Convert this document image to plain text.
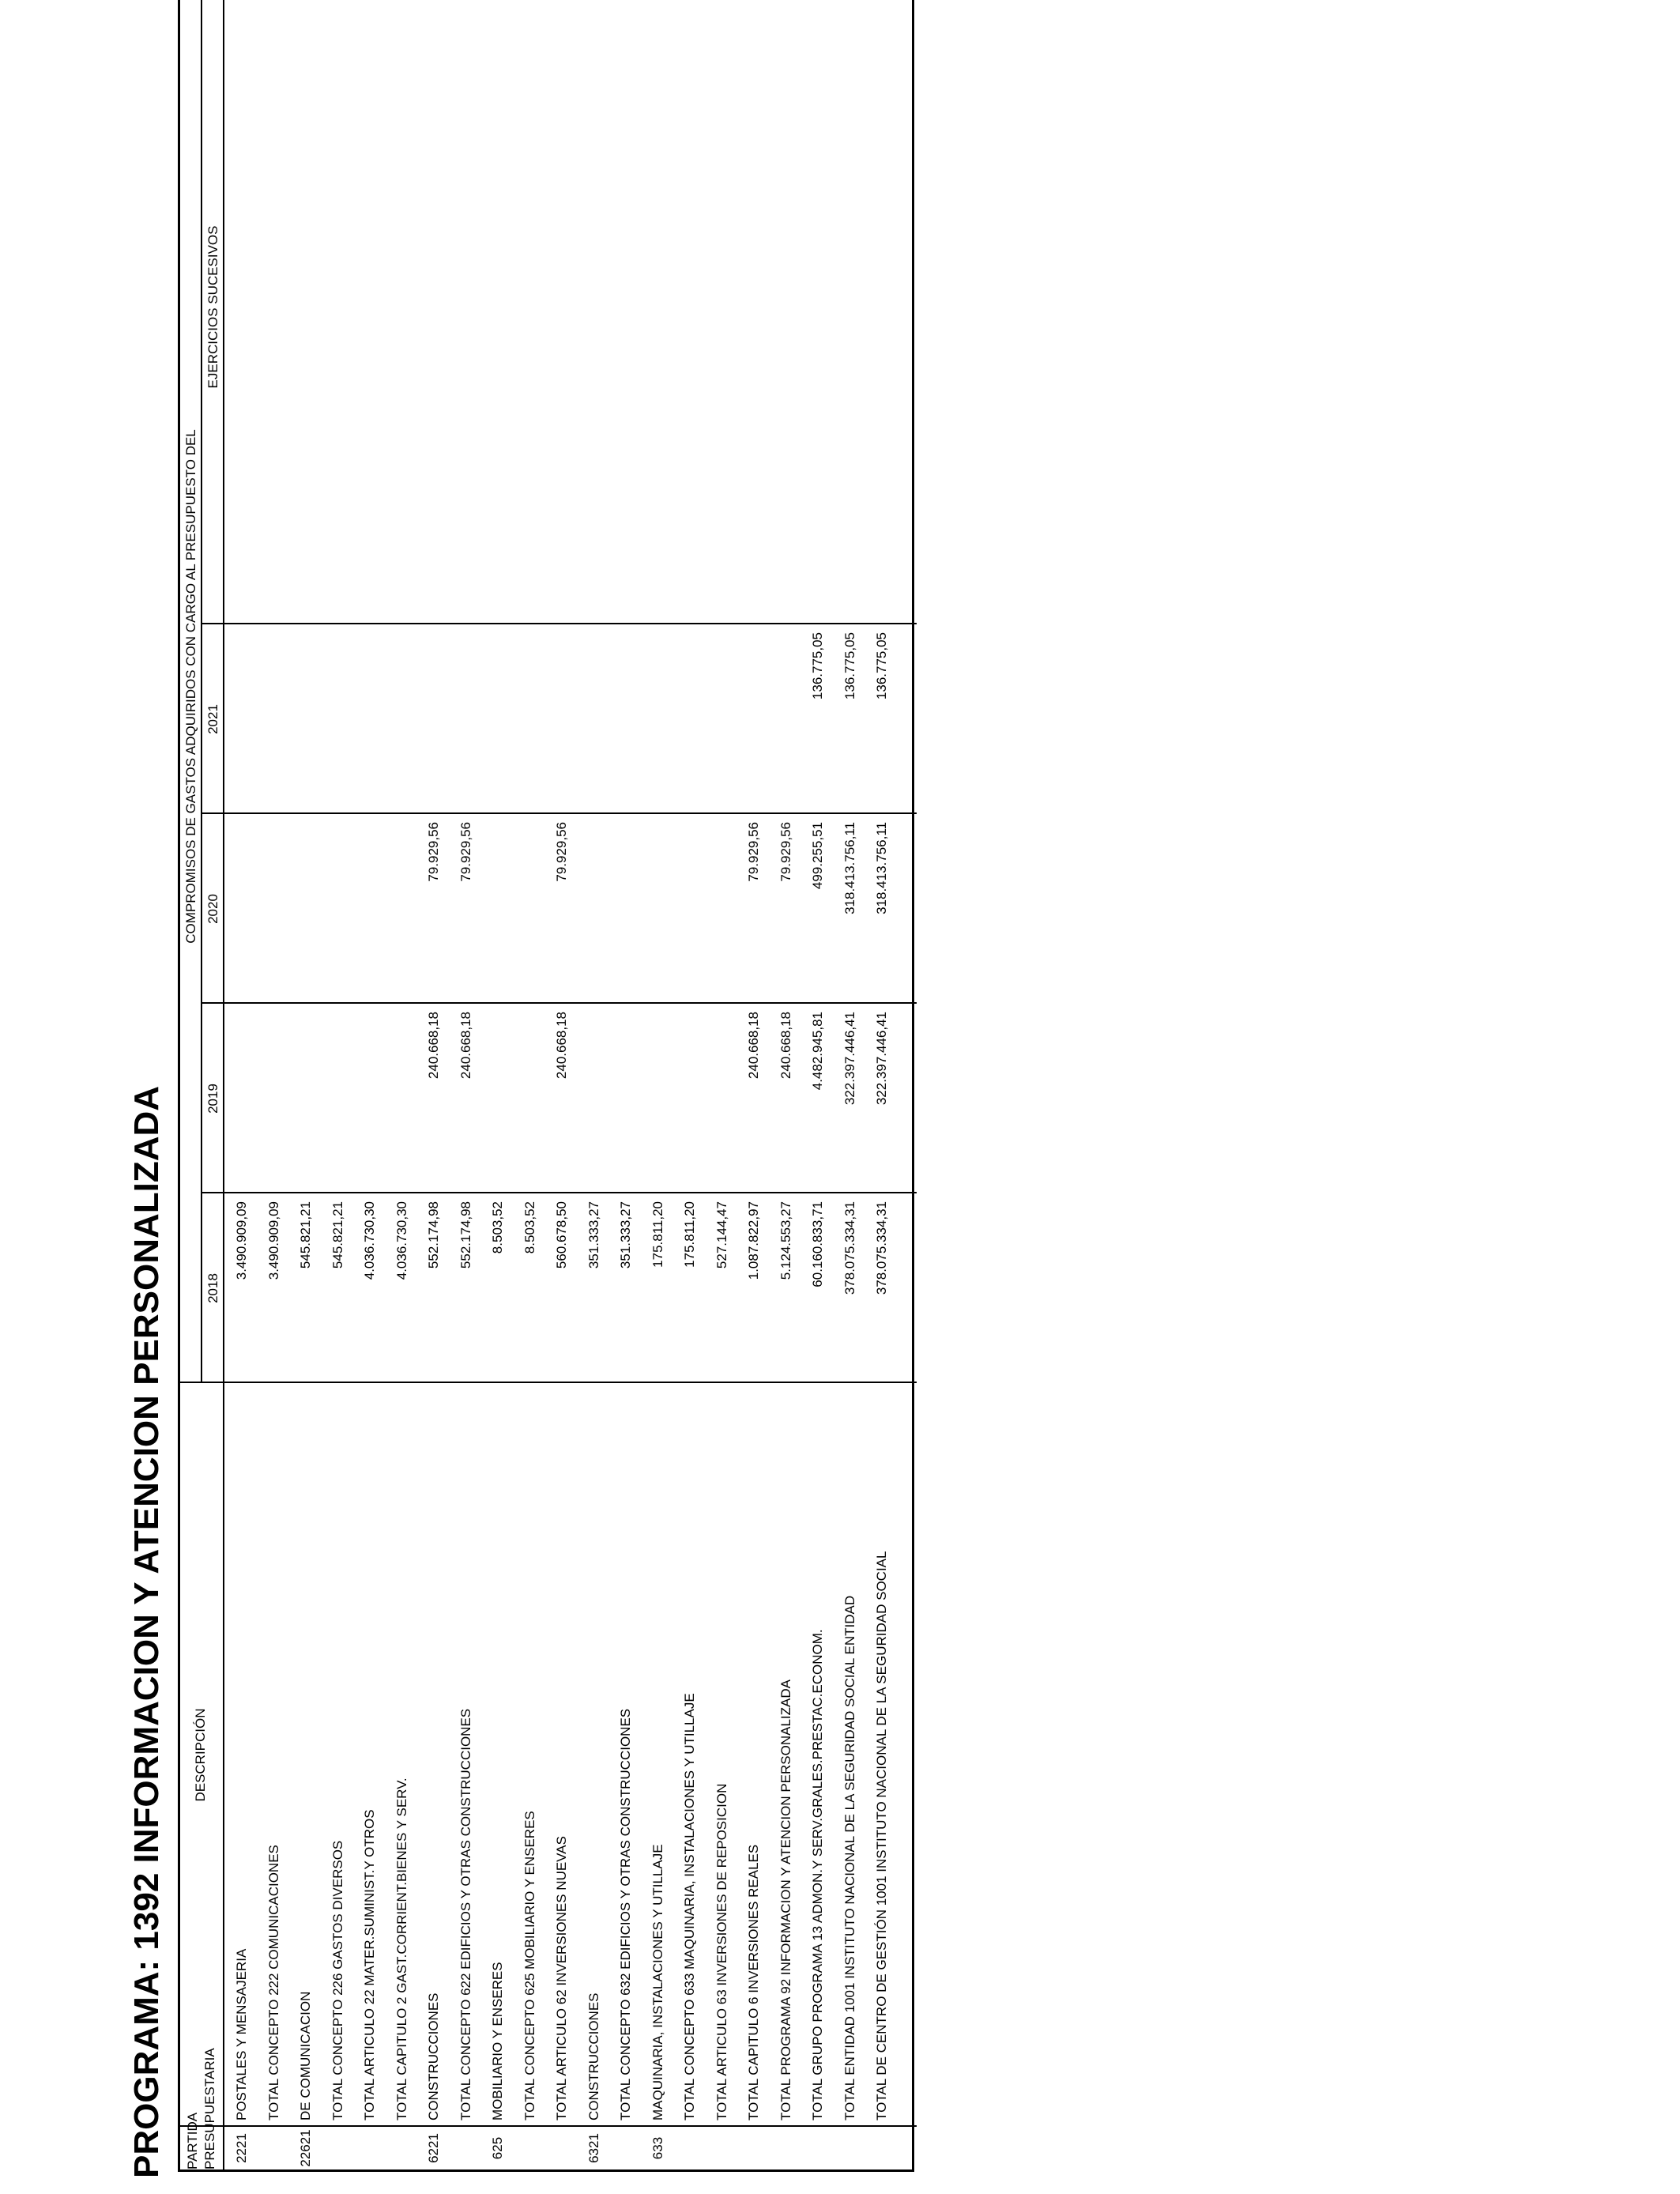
PROGRAMA: 1392 INFORMACION Y ATENCION PERSONALIZADA PARTIDA PRESUPUESTARIA
DESCRIPCIÓN
COMPROMISOS DE GASTOS ADQUIRIDOS CON CARGO AL PRESUPUESTO DEL
2018
2019
2020
2021
EJERCICIOS SUCESIVOS
2221
POSTALES Y MENSAJERIA
3.490.909,09
TOTAL CONCEPTO 222 COMUNICACIONES
3.490.909,09
22621
DE COMUNICACION
545.821,21
TOTAL CONCEPTO 226 GASTOS DIVERSOS
545.821,21
TOTAL ARTICULO 22 MATER.SUMINIST.Y OTROS
4.036.730,30
TOTAL CAPITULO 2 GAST.CORRIENT.BIENES Y SERV.
4.036.730,30
6221
CONSTRUCCIONES
552.174,98
240.668,18
79.929,56
TOTAL CONCEPTO 622 EDIFICIOS Y OTRAS CONSTRUCCIONES
552.174,98
240.668,18
79.929,56
625
MOBILIARIO Y ENSERES
8.503,52
TOTAL CONCEPTO 625 MOBILIARIO Y ENSERES
8.503,52
TOTAL ARTICULO 62 INVERSIONES NUEVAS
560.678,50
240.668,18
79.929,56
6321
CONSTRUCCIONES
351.333,27
TOTAL CONCEPTO 632 EDIFICIOS Y OTRAS CONSTRUCCIONES
351.333,27
633
MAQUINARIA, INSTALACIONES Y UTILLAJE
175.811,20
TOTAL CONCEPTO 633 MAQUINARIA, INSTALACIONES Y UTILLAJE
175.811,20
TOTAL ARTICULO 63 INVERSIONES DE REPOSICION
527.144,47
TOTAL CAPITULO 6 INVERSIONES REALES
1.087.822,97
240.668,18
79.929,56
TOTAL PROGRAMA 92 INFORMACION Y ATENCION PERSONALIZADA
5.124.553,27
240.668,18
79.929,56
TOTAL GRUPO PROGRAMA 13 ADMON.Y SERV.GRALES.PRESTAC.ECONOM.
60.160.833,71
4.482.945,81
499.255,51
136.775,05
TOTAL ENTIDAD 1001 INSTITUTO NACIONAL DE LA SEGURIDAD SOCIAL ENTIDAD
378.075.334,31
322.397.446,41
318.413.756,11
136.775,05
TOTAL DE CENTRO DE GESTIÓN 1001 INSTITUTO NACIONAL DE LA SEGURIDAD SOCIAL
378.075.334,31
322.397.446,41
318.413.756,11
136.775,05
